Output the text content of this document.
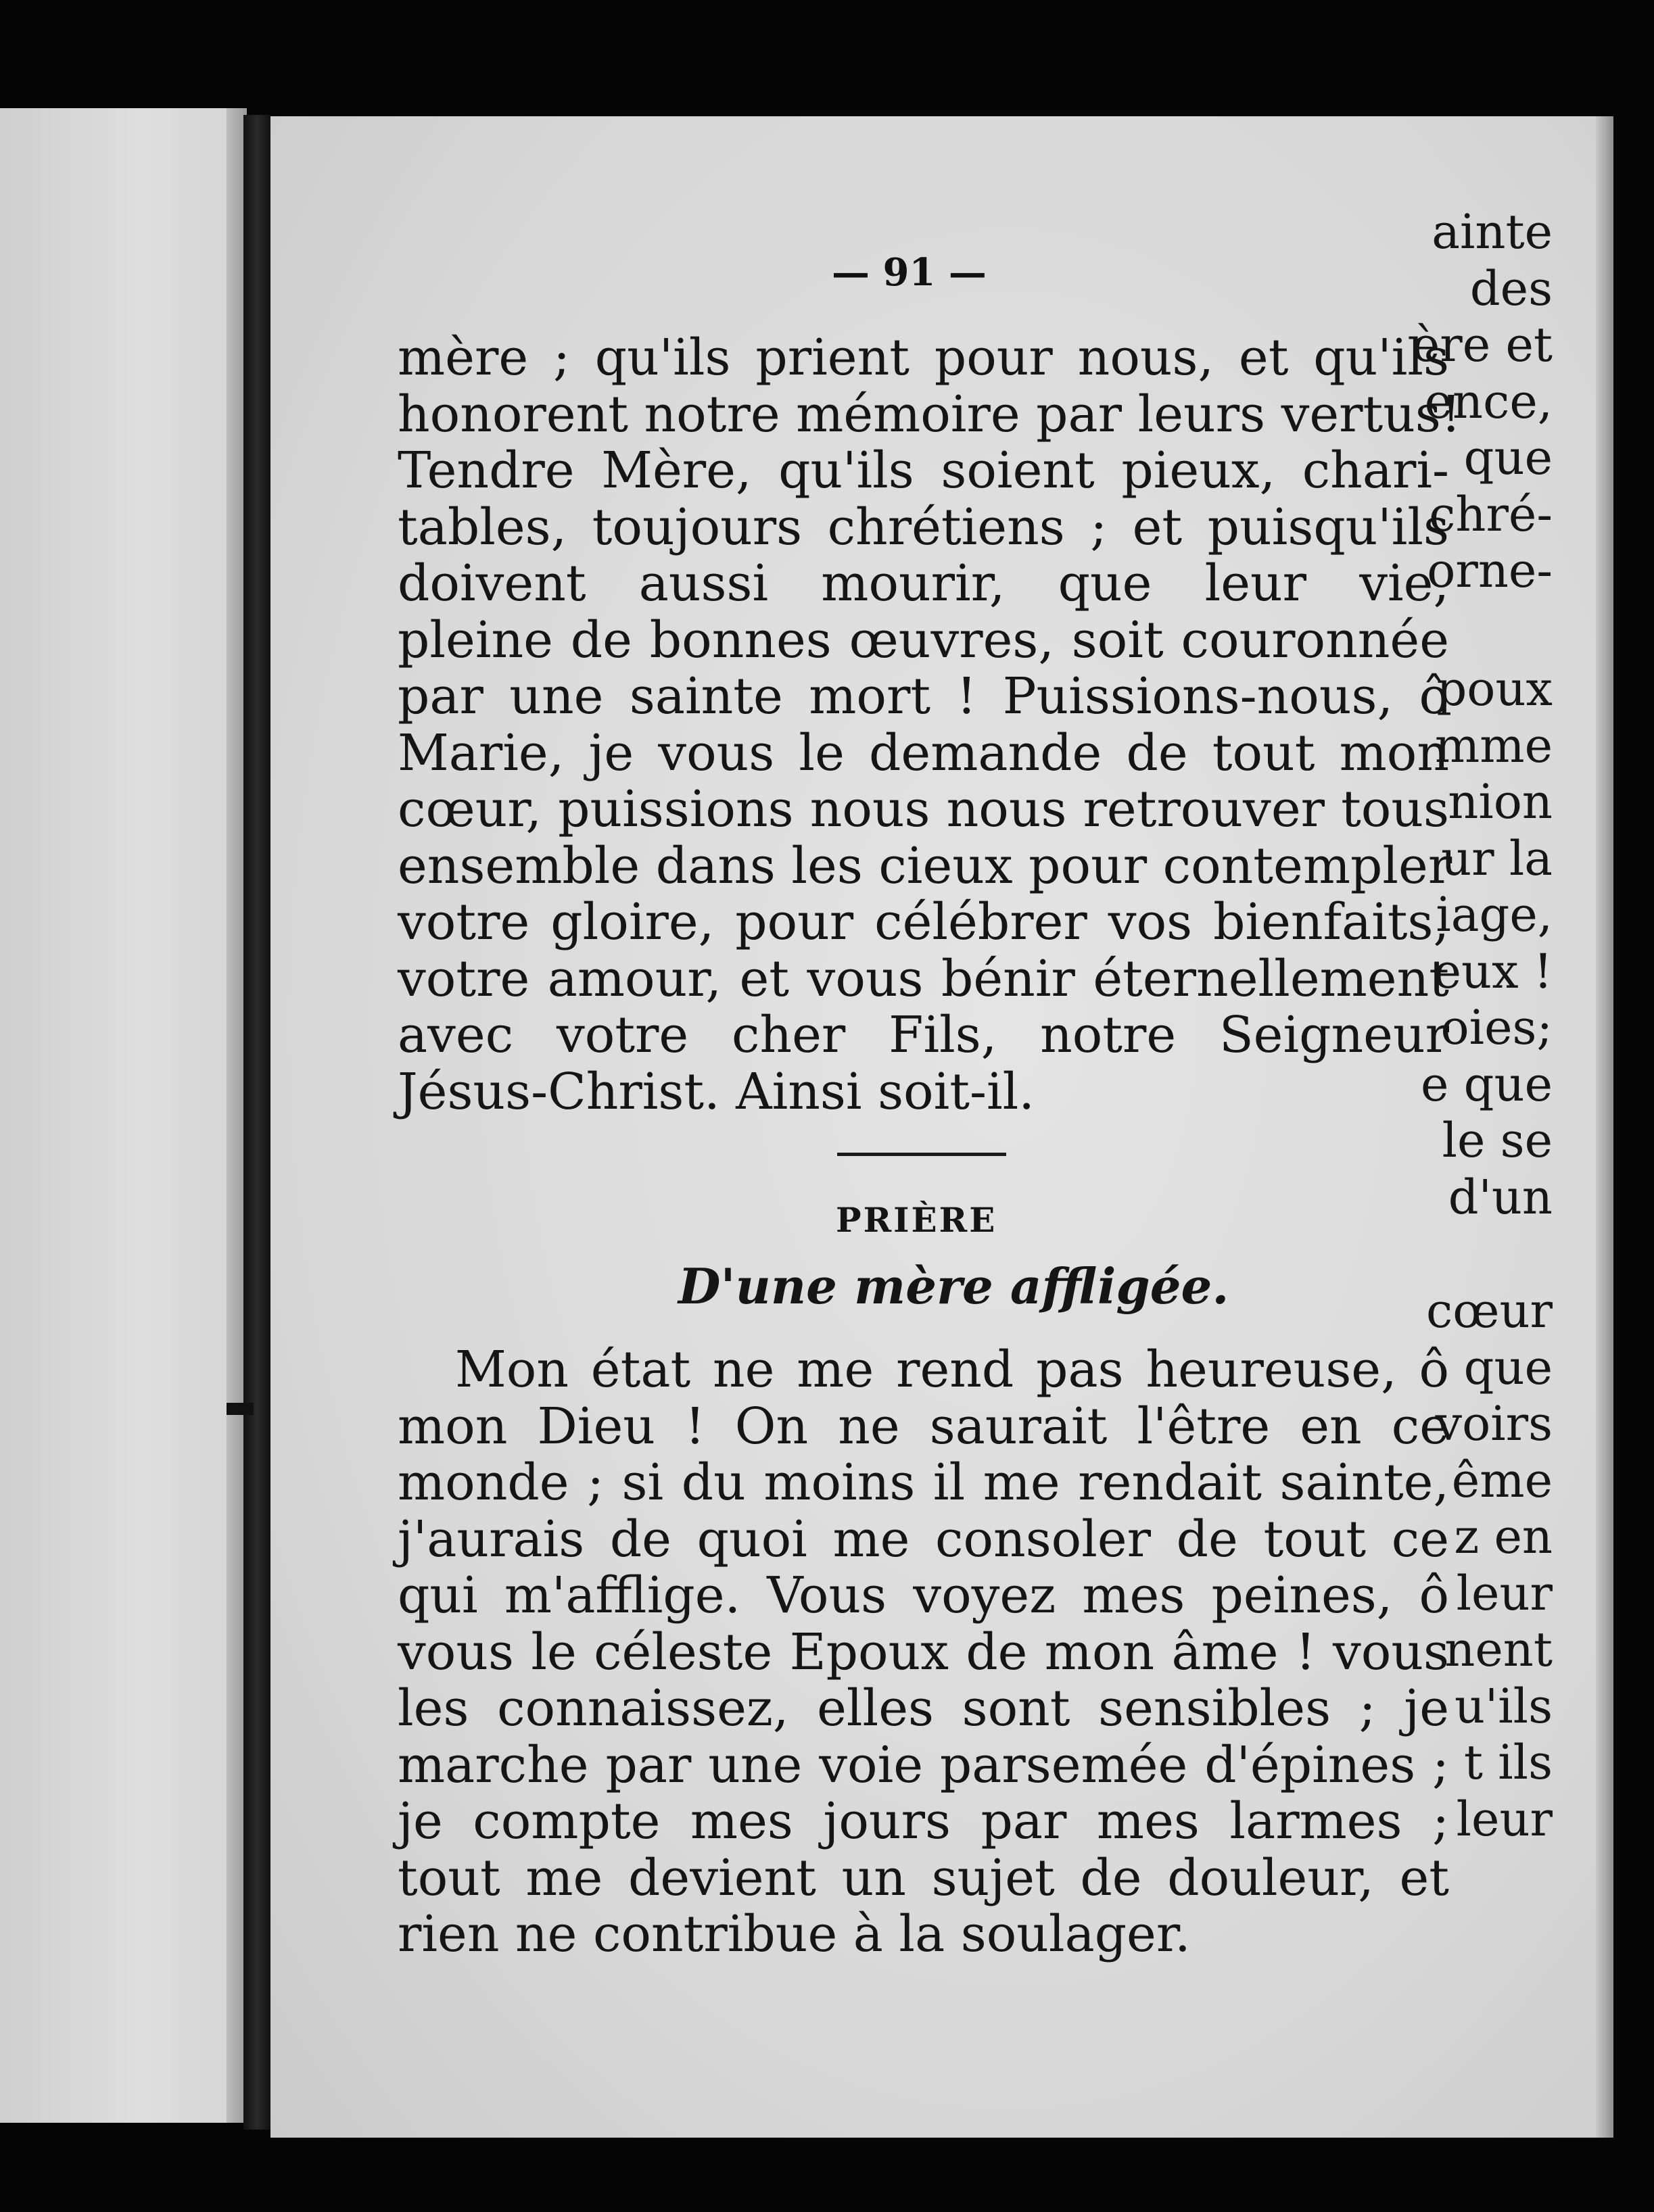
ainte
des
ère et
ence,
que
chré-
orne-
poux
mme
nion
ur la
iage,
eux !
oies;
e que
le se
d'un
cœur
que
voirs
ême
z en
leur
nent
u'ils
t ils
leur
— 91 —
mère ; qu'ils prient pour nous, et qu'ils
honorent notre mémoire par leurs vertus!
Tendre Mère, qu'ils soient pieux, chari-
tables, toujours chrétiens ; et puisqu'ils
doivent aussi mourir, que leur vie,
pleine de bonnes œuvres, soit couronnée
par une sainte mort ! Puissions-nous, ô
Marie, je vous le demande de tout mon
cœur, puissions nous nous retrouver tous
ensemble dans les cieux pour contempler
votre gloire, pour célébrer vos bienfaits,
votre amour, et vous bénir éternellement
avec votre cher Fils, notre Seigneur
Jésus-Christ. Ainsi soit-il.
PRIÈRE
D'une mère affligée.
Mon état ne me rend pas heureuse, ô
mon Dieu ! On ne saurait l'être en ce
monde ; si du moins il me rendait sainte,
j'aurais de quoi me consoler de tout ce
qui m'afflige. Vous voyez mes peines, ô
vous le céleste Epoux de mon âme ! vous
les connaissez, elles sont sensibles ; je
marche par une voie parsemée d'épines ;
je compte mes jours par mes larmes ;
tout me devient un sujet de douleur, et
rien ne contribue à la soulager.
